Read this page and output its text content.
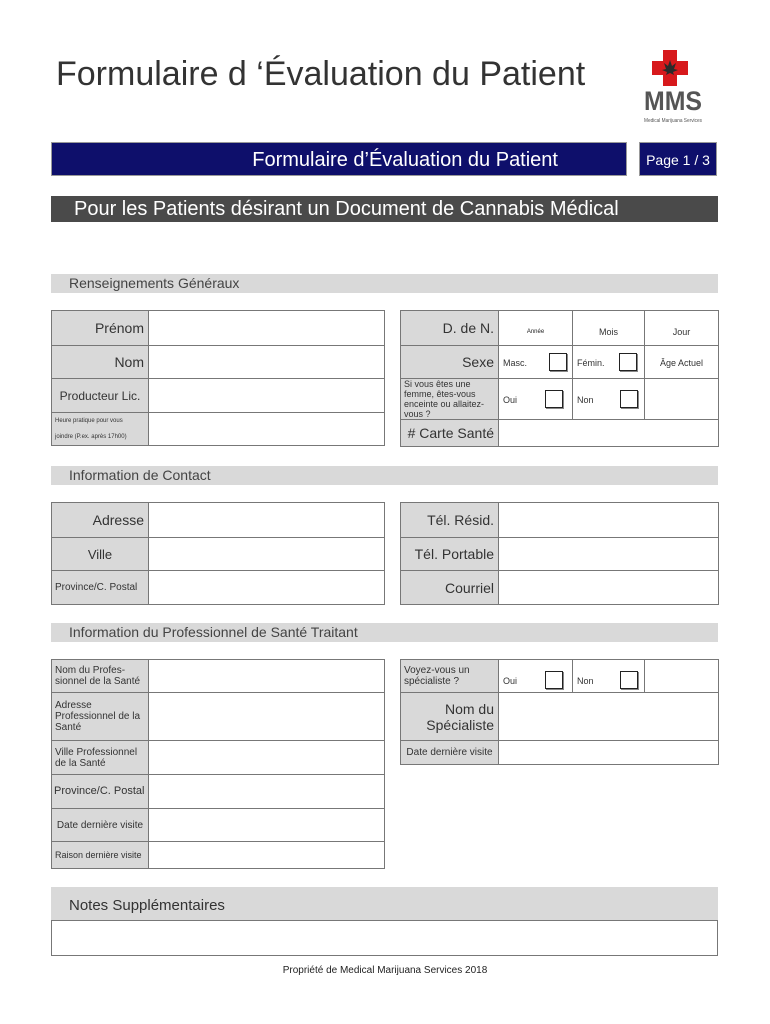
Formulaire d ‘Évaluation du Patient
MMS
Medical Marijuana Services
Formulaire d’Évaluation du Patient	Page 1 / 3
Pour les Patients désirant un Document de Cannabis Médical
Renseignements Généraux
Prénom	
Nom	
Producteur Lic.	

Heure pratique pour vous
joindre (P.ex. après 17h00)	

D. de N.	Année	Mois	Jour
Sexe	Masc.	Fémin.	Âge Actuel
Si vous êtes une femme, êtes-vous enceinte ou allaitez-vous ?	Oui	Non	
# Carte Santé			
Information de Contact
Adresse	
Ville	
Province/C. Postal	
Tél. Résid.	
Tél. Portable	
Courriel	
Information du Professionnel de Santé Traitant
Nom du Profes-sionnel de la Santé	
Adresse Professionnel de la Santé	
Ville Professionnel de la Santé	
Province/C. Postal	
Date dernière visite	
Raison dernière visite	
Voyez-vous un spécialiste ?	Oui	Non	
Nom du Spécialiste			
Date dernière visite			
Notes Supplémentaires
Propriété de Medical Marijuana Services 2018
